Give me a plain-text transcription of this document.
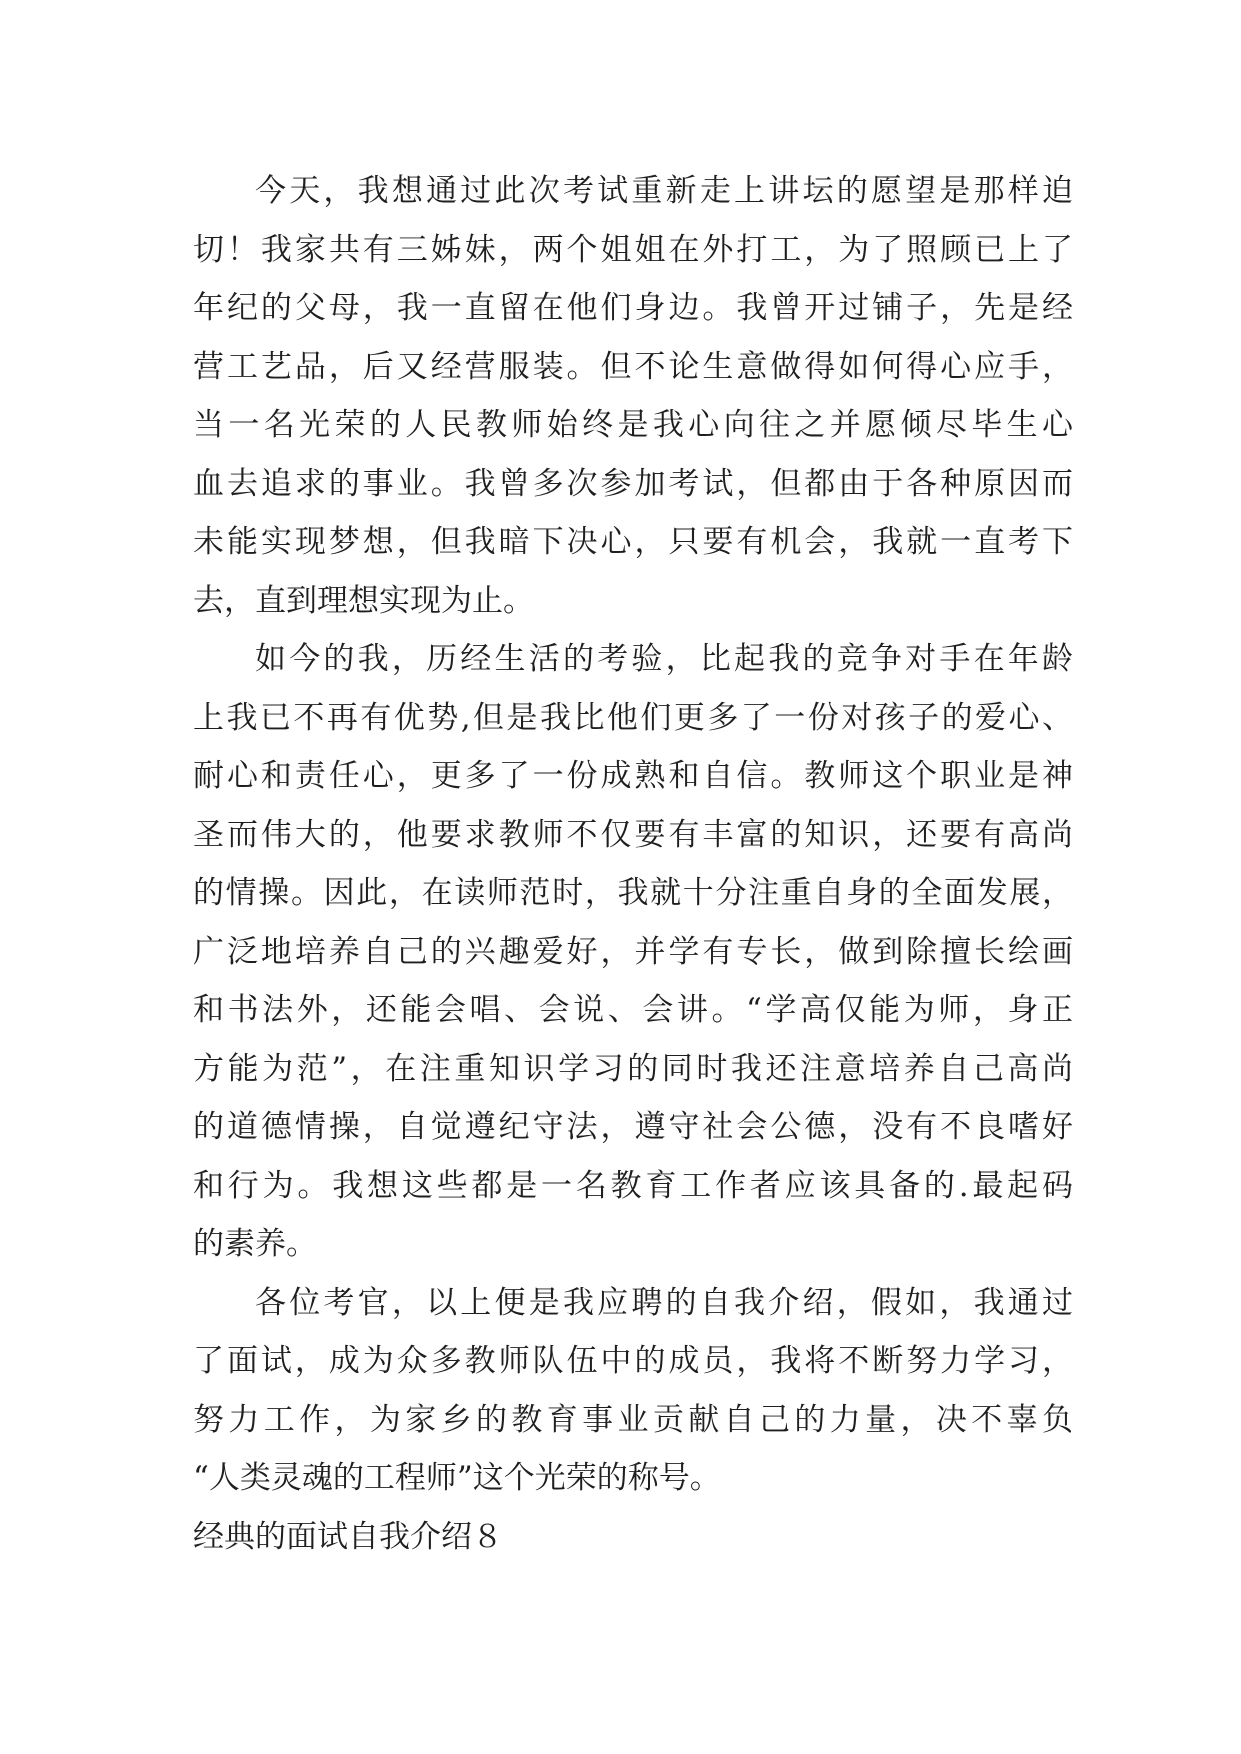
今天，我想通过此次考试重新走上讲坛的愿望是那样迫
切！我家共有三姊妹，两个姐姐在外打工，为了照顾已上了
年纪的父母，我一直留在他们身边。我曾开过铺子，先是经
营工艺品，后又经营服装。但不论生意做得如何得心应手，
当一名光荣的人民教师始终是我心向往之并愿倾尽毕生心
血去追求的事业。我曾多次参加考试，但都由于各种原因而
未能实现梦想，但我暗下决心，只要有机会，我就一直考下
去，直到理想实现为止。
如今的我，历经生活的考验，比起我的竞争对手在年龄
上我已不再有优势,但是我比他们更多了一份对孩子的爱心、
耐心和责任心，更多了一份成熟和自信。教师这个职业是神
圣而伟大的，他要求教师不仅要有丰富的知识，还要有高尚
的情操。因此，在读师范时，我就十分注重自身的全面发展，
广泛地培养自己的兴趣爱好，并学有专长，做到除擅长绘画
和书法外，还能会唱、会说、会讲。“学高仅能为师，身正
方能为范”，在注重知识学习的同时我还注意培养自己高尚
的道德情操，自觉遵纪守法，遵守社会公德，没有不良嗜好
和行为。我想这些都是一名教育工作者应该具备的.最起码
的素养。
各位考官，以上便是我应聘的自我介绍，假如，我通过
了面试，成为众多教师队伍中的成员，我将不断努力学习，
努力工作，为家乡的教育事业贡献自己的力量，决不辜负
“人类灵魂的工程师”这个光荣的称号。
经典的面试自我介绍８
